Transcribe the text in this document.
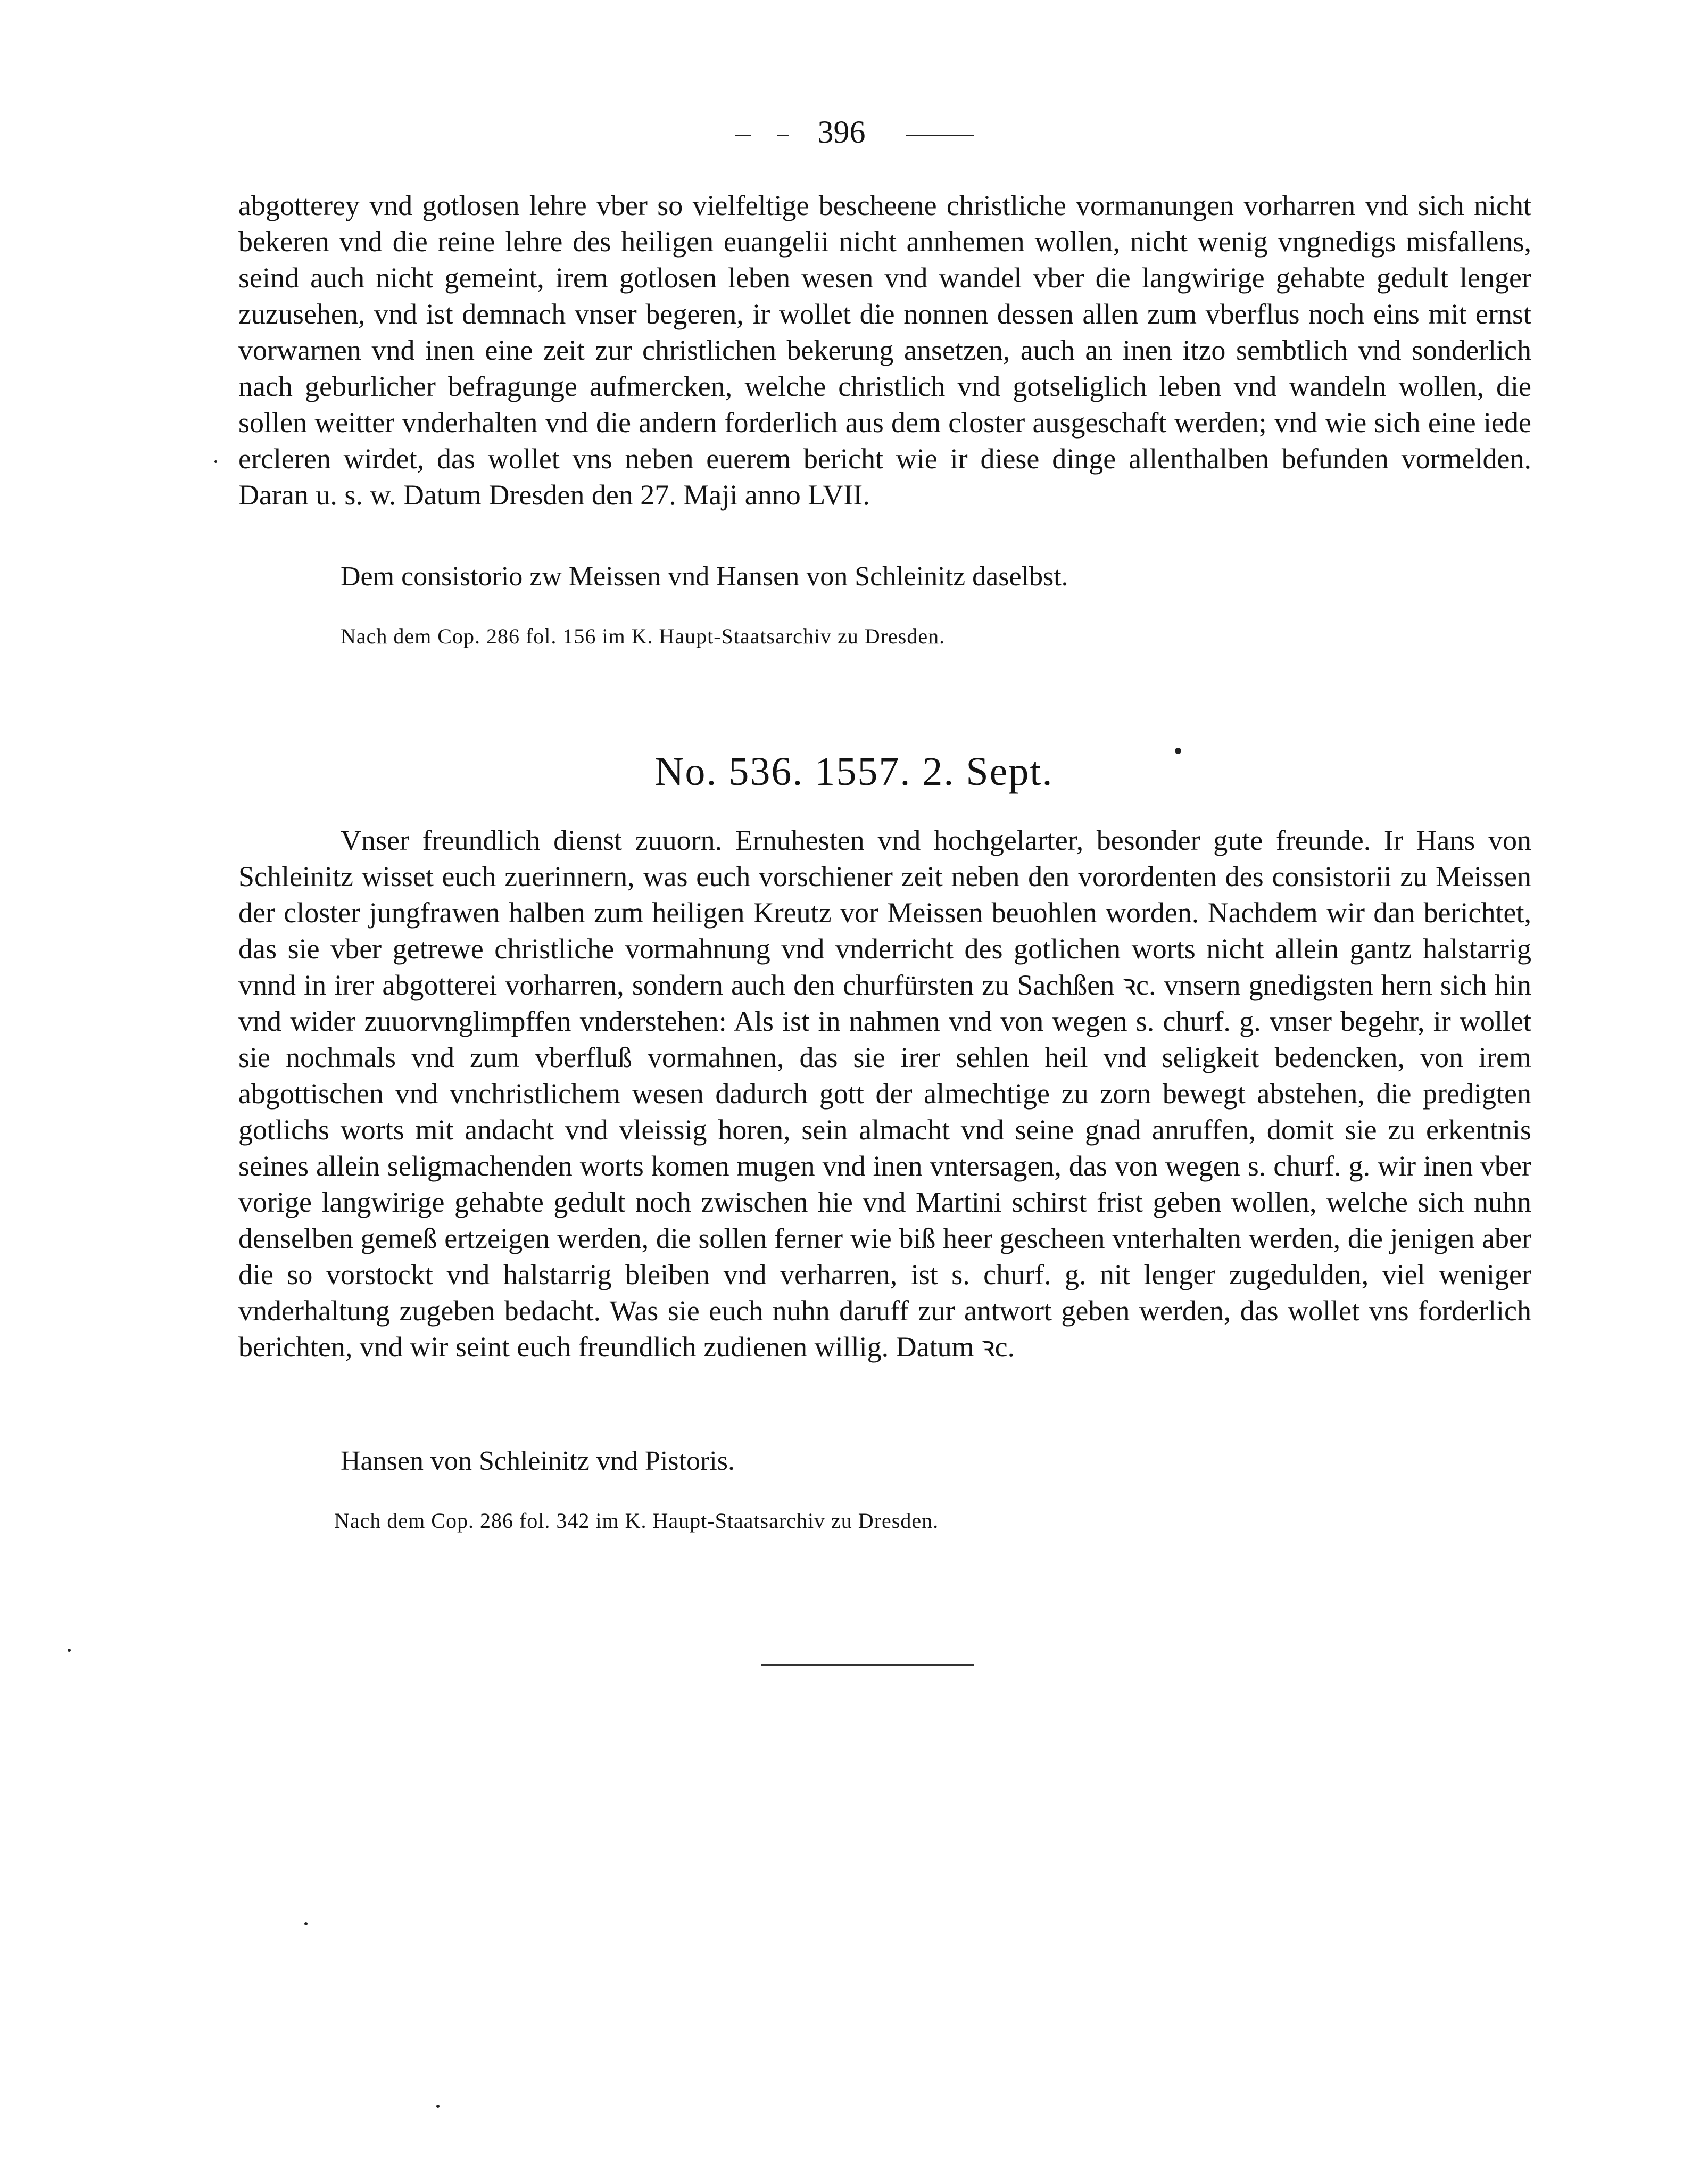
396

abgotterey vnd gotlosen lehre vber so vielfeltige bescheene christliche vormanungen vorharren vnd sich nicht bekeren vnd die reine lehre des heiligen euangelii nicht annhemen wollen, nicht wenig vngnedigs misfallens, seind auch nicht gemeint, irem gotlosen leben wesen vnd wandel vber die langwirige gehabte gedult lenger zuzusehen, vnd ist demnach vnser begeren, ir wollet die nonnen dessen allen zum vberflus noch eins mit ernst vorwarnen vnd inen eine zeit zur christlichen bekerung ansetzen, auch an inen itzo sembtlich vnd sonderlich nach geburlicher befragunge aufmercken, welche christlich vnd gotseliglich leben vnd wandeln wollen, die sollen weitter vnderhalten vnd die andern forderlich aus dem closter ausgeschaft werden; vnd wie sich eine iede ercleren wirdet, das wollet vns neben euerem bericht wie ir diese dinge allenthalben befunden vormelden. Daran u. s. w. Datum Dresden den 27. Maji anno LVII.

Dem consistorio zw Meissen vnd Hansen von Schleinitz daselbst.
Nach dem Cop. 286 fol. 156 im K. Haupt-Staatsarchiv zu Dresden.
No. 536. 1557. 2. Sept.

Vnser freundlich dienst zuuorn. Ernuhesten vnd hochgelarter, besonder gute freunde. Ir Hans von Schleinitz wisset euch zuerinnern, was euch vorschiener zeit neben den vorordenten des consistorii zu Meissen der closter jungfrawen halben zum heiligen Kreutz vor Meissen beuohlen worden. Nachdem wir dan berichtet, das sie vber getrewe christliche vormahnung vnd vnderricht des gotlichen worts nicht allein gantz halstarrig vnnd in irer abgotterei vorharren, sondern auch den churfürsten zu Sachßen ꝛc. vnsern gnedigsten hern sich hin vnd wider zuuorvnglimpffen vnderstehen: Als ist in nahmen vnd von wegen s. churf. g. vnser begehr, ir wollet sie nochmals vnd zum vberfluß vormahnen, das sie irer sehlen heil vnd seligkeit bedencken, von irem abgottischen vnd vnchristlichem wesen dadurch gott der almechtige zu zorn bewegt abstehen, die predigten gotlichs worts mit andacht vnd vleissig horen, sein almacht vnd seine gnad anruffen, domit sie zu erkentnis seines allein seligmachenden worts komen mugen vnd inen vntersagen, das von wegen s. churf. g. wir inen vber vorige langwirige gehabte gedult noch zwischen hie vnd Martini schirst frist geben wollen, welche sich nuhn denselben gemeß ertzeigen werden, die sollen ferner wie biß heer gescheen vnterhalten werden, die jenigen aber die so vorstockt vnd halstarrig bleiben vnd verharren, ist s. churf. g. nit lenger zugedulden, viel weniger vnderhaltung zugeben bedacht. Was sie euch nuhn daruff zur antwort geben werden, das wollet vns forderlich berichten, vnd wir seint euch freundlich zudienen willig. Datum ꝛc.

Hansen von Schleinitz vnd Pistoris.
Nach dem Cop. 286 fol. 342 im K. Haupt-Staatsarchiv zu Dresden.
